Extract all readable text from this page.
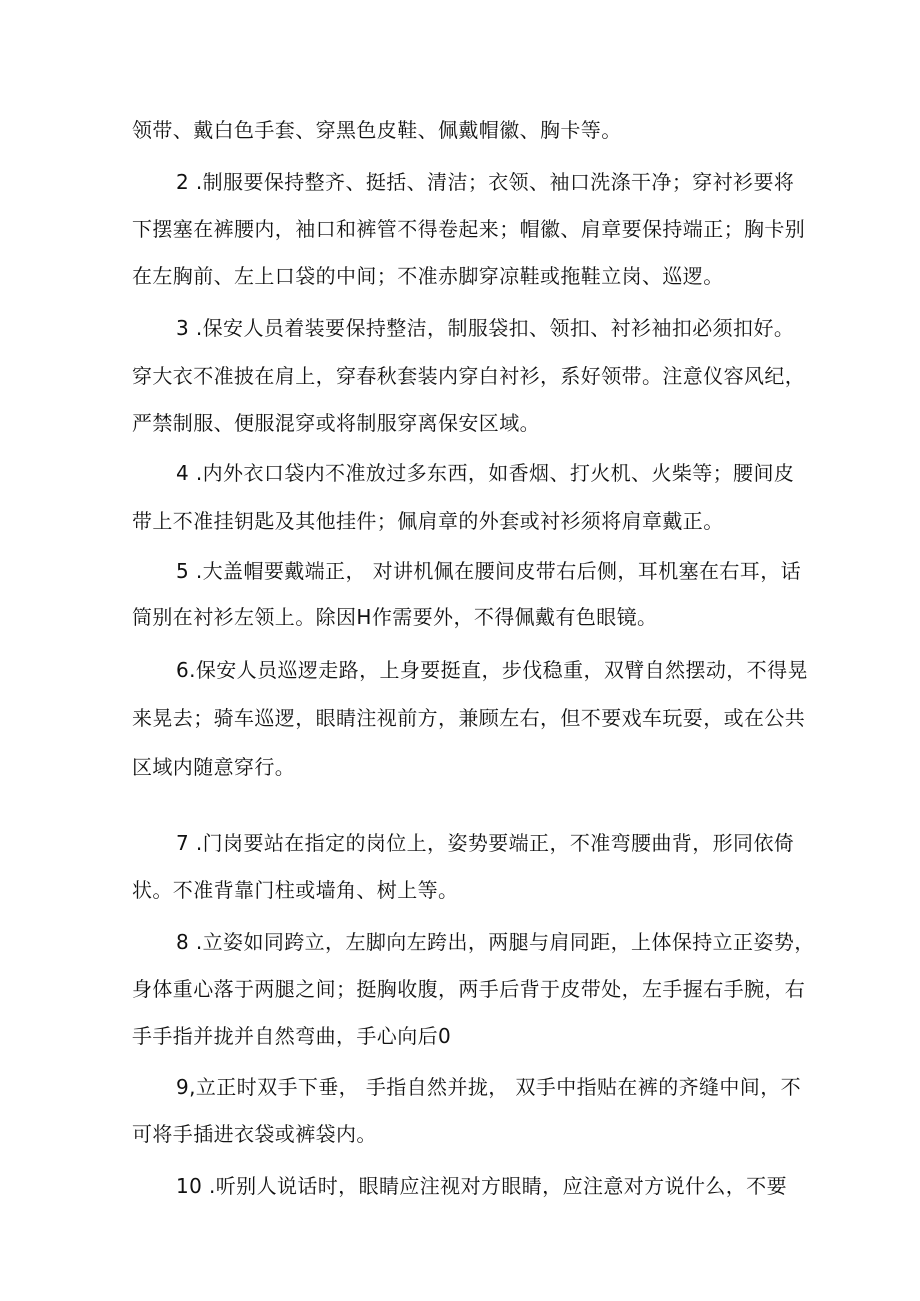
领带、戴白色手套、穿黑色皮鞋、佩戴帽徽、胸卡等。
2 .制服要保持整齐、挺括、清洁；衣领、袖口洗涤干净；穿衬衫要将
下摆塞在裤腰内，袖口和裤管不得卷起来；帽徽、肩章要保持端正；胸卡别
在左胸前、左上口袋的中间；不准赤脚穿凉鞋或拖鞋立岗、巡逻。
3 .保安人员着装要保持整洁，制服袋扣、领扣、衬衫袖扣必须扣好。
穿大衣不准披在肩上，穿春秋套装内穿白衬衫，系好领带。注意仪容风纪，
严禁制服、便服混穿或将制服穿离保安区域。
4 .内外衣口袋内不准放过多东西，如香烟、打火机、火柴等；腰间皮
带上不准挂钥匙及其他挂件；佩肩章的外套或衬衫须将肩章戴正。
5 .大盖帽要戴端正， 对讲机佩在腰间皮带右后侧，耳机塞在右耳，话
筒别在衬衫左领上。除因H作需要外，不得佩戴有色眼镜。
6.保安人员巡逻走路，上身要挺直，步伐稳重，双臂自然摆动，不得晃
来晃去；骑车巡逻，眼睛注视前方，兼顾左右，但不要戏车玩耍，或在公共
区域内随意穿行。
7 .门岗要站在指定的岗位上，姿势要端正，不准弯腰曲背，形同依倚
状。不准背靠门柱或墙角、树上等。
8 .立姿如同跨立，左脚向左跨出，两腿与肩同距，上体保持立正姿势，
身体重心落于两腿之间；挺胸收腹，两手后背于皮带处，左手握右手腕，右
手手指并拢并自然弯曲，手心向后0
9,立正时双手下垂， 手指自然并拢， 双手中指贴在裤的齐缝中间，不
可将手插进衣袋或裤袋内。
10 .听别人说话时，眼睛应注视对方眼睛，应注意对方说什么，不要
